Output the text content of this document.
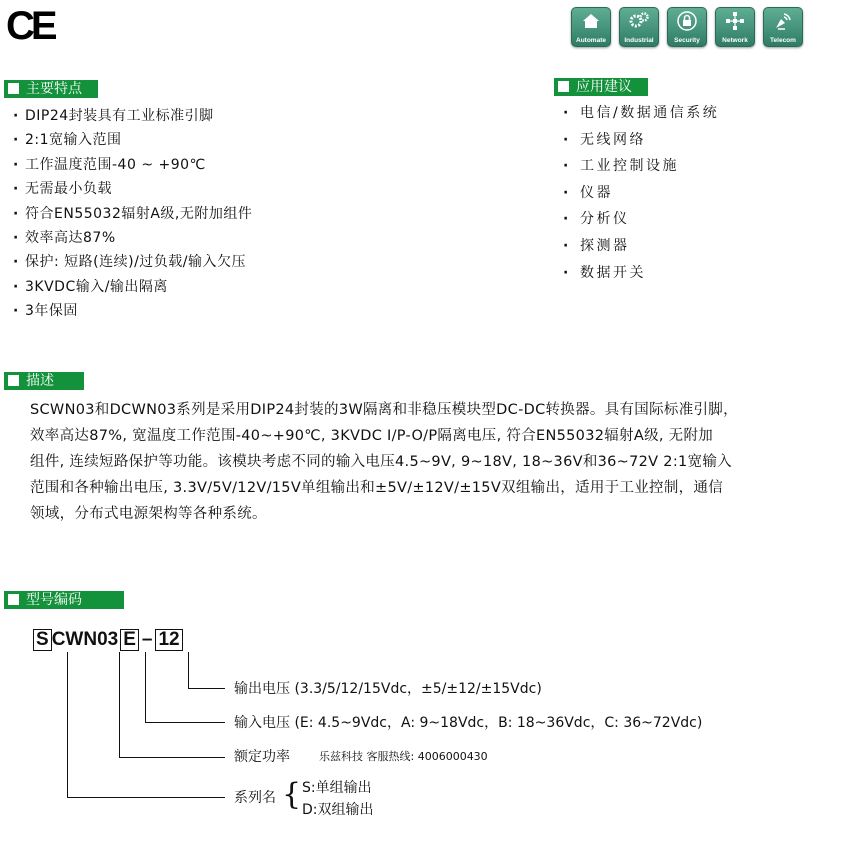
CE	Automate	Industrial	Security	Network	Telecom
主要特点
· DIP24封装具有工业标准引脚
· 2:1宽输入范围
· 工作温度范围-40 ~ +90℃
· 无需最小负载
· 符合EN55032辐射A级,无附加组件
· 效率高达87%
· 保护: 短路(连续)/过负载/输入欠压
· 3KVDC输入/输出隔离
· 3年保固
应用建议
· 电信/数据通信系统
· 无线网络
· 工业控制设施
· 仪器
· 分析仪
· 探测器
· 数据开关
描述
SCWN03和DCWN03系列是采用DIP24封装的3W隔离和非稳压模块型DC-DC转换器。具有国际标准引脚，
效率高达87%, 宽温度工作范围-40~+90℃, 3KVDC I/P-O/P隔离电压, 符合EN55032辐射A级, 无附加
组件, 连续短路保护等功能。该模块考虑不同的输入电压4.5~9V, 9~18V, 18~36V和36~72V 2:1宽输入
范围和各种输出电压, 3.3V/5V/12V/15V单组输出和±5V/±12V/±15V双组输出，适用于工业控制，通信
领域，分布式电源架构等各种系统。
型号编码
S CWN03 E – 12
输出电压 (3.3/5/12/15Vdc，±5/±12/±15Vdc)
输入电压 (E: 4.5~9Vdc，A: 9~18Vdc，B: 18~36Vdc，C: 36~72Vdc)
额定功率	乐兹科技 客服热线: 4006000430
系列名 { S:单组输出
D:双组输出
